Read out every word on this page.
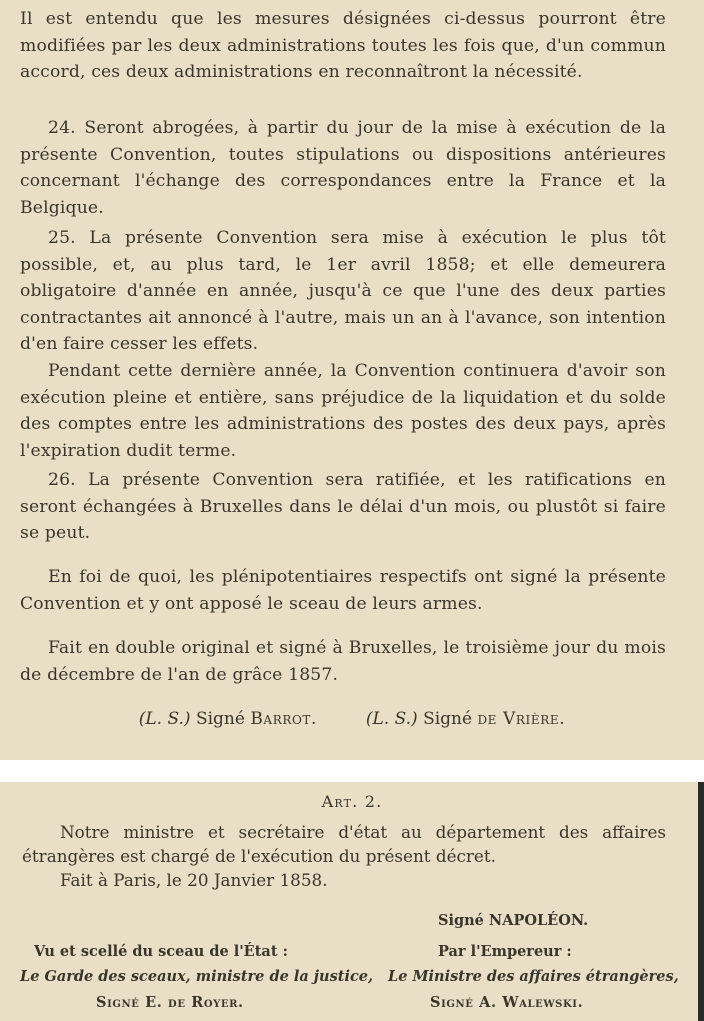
Il est entendu que les mesures désignées ci-dessus pourront être modifiées par les deux administrations toutes les fois que, d'un commun accord, ces deux administrations en reconnaîtront la nécessité.

24. Seront abrogées, à partir du jour de la mise à exécution de la présente Convention, toutes stipulations ou dispositions antérieures concernant l'échange des correspondances entre la France et la Belgique.

25. La présente Convention sera mise à exécution le plus tôt possible, et, au plus tard, le 1er avril 1858; et elle demeurera obligatoire d'année en année, jusqu'à ce que l'une des deux parties contractantes ait annoncé à l'autre, mais un an à l'avance, son intention d'en faire cesser les effets.

Pendant cette dernière année, la Convention continuera d'avoir son exécution pleine et entière, sans préjudice de la liquidation et du solde des comptes entre les administrations des postes des deux pays, après l'expiration dudit terme.

26. La présente Convention sera ratifiée, et les ratifications en seront échangées à Bruxelles dans le délai d'un mois, ou plustôt si faire se peut.

En foi de quoi, les plénipotentiaires respectifs ont signé la présente Convention et y ont apposé le sceau de leurs armes.

Fait en double original et signé à Bruxelles, le troisième jour du mois de décembre de l'an de grâce 1857.

(L. S.) Signé Barrot.	(L. S.) Signé de Vrière.
Art. 2.

Notre ministre et secrétaire d'état au département des affaires étrangères est chargé de l'exécution du présent décret.

Fait à Paris, le 20 Janvier 1858.
Signé NAPOLÉON.
Vu et scellé du sceau de l'État :	Par l'Empereur :
Le Garde des sceaux, ministre de la justice, Le Ministre des affaires étrangères,
Signé E. de Royer.	Signé A. Walewski.
